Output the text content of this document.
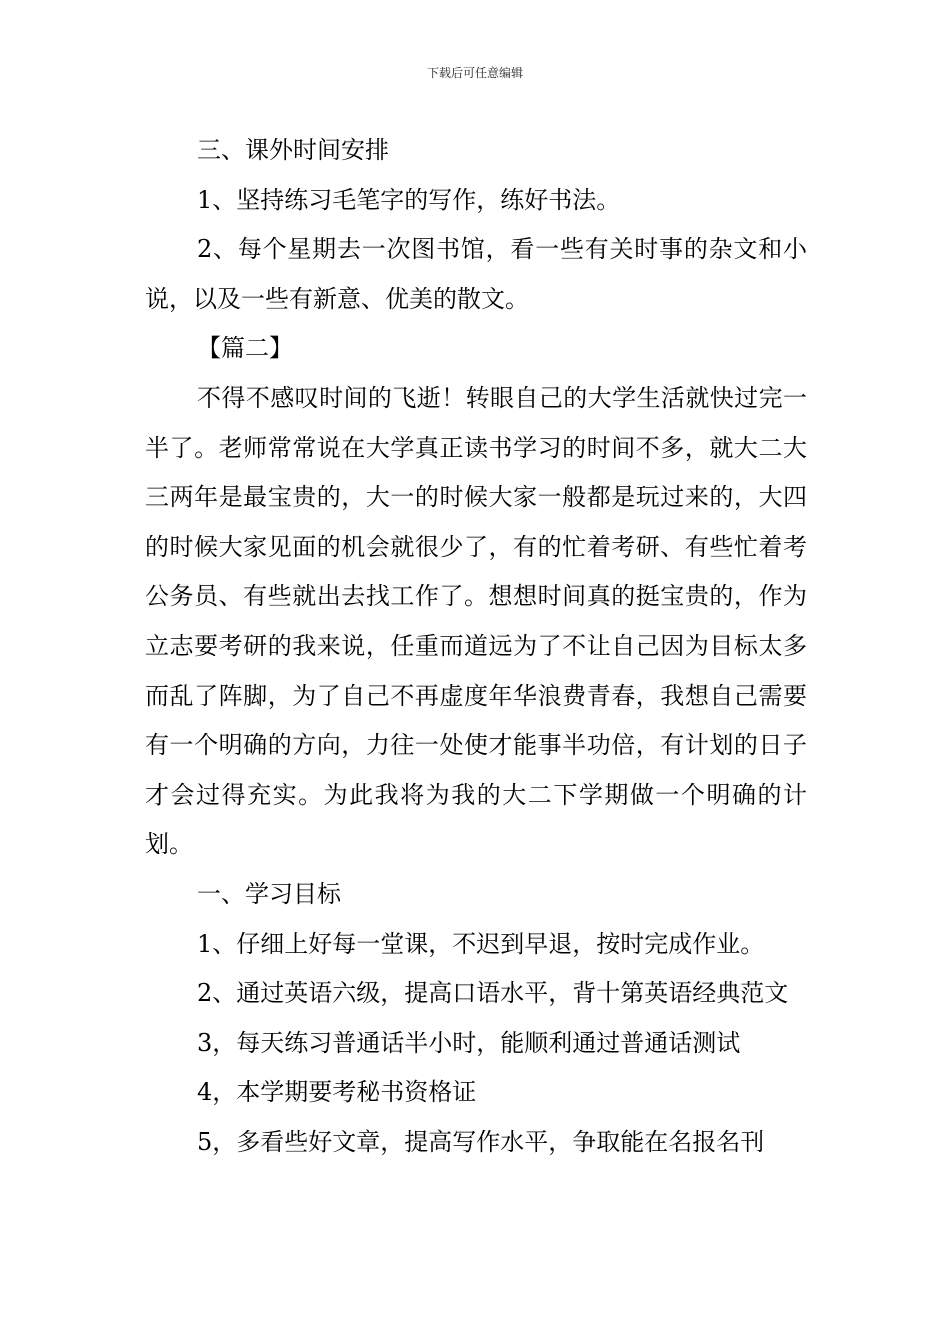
下载后可任意编辑

三、课外时间安排

1、坚持练习毛笔字的写作，练好书法。

2、每个星期去一次图书馆，看一些有关时事的杂文和小说，以及一些有新意、优美的散文。

【篇二】

不得不感叹时间的飞逝！转眼自己的大学生活就快过完一半了。老师常常说在大学真正读书学习的时间不多，就大二大三两年是最宝贵的，大一的时候大家一般都是玩过来的，大四的时候大家见面的机会就很少了，有的忙着考研、有些忙着考公务员、有些就出去找工作了。想想时间真的挺宝贵的，作为立志要考研的我来说，任重而道远为了不让自己因为目标太多而乱了阵脚，为了自己不再虚度年华浪费青春，我想自己需要有一个明确的方向，力往一处使才能事半功倍，有计划的日子才会过得充实。为此我将为我的大二下学期做一个明确的计划。

一、学习目标

1、仔细上好每一堂课，不迟到早退，按时完成作业。

2、通过英语六级，提高口语水平，背十第英语经典范文

3，每天练习普通话半小时，能顺利通过普通话测试

4，本学期要考秘书资格证

5，多看些好文章，提高写作水平，争取能在名报名刊
